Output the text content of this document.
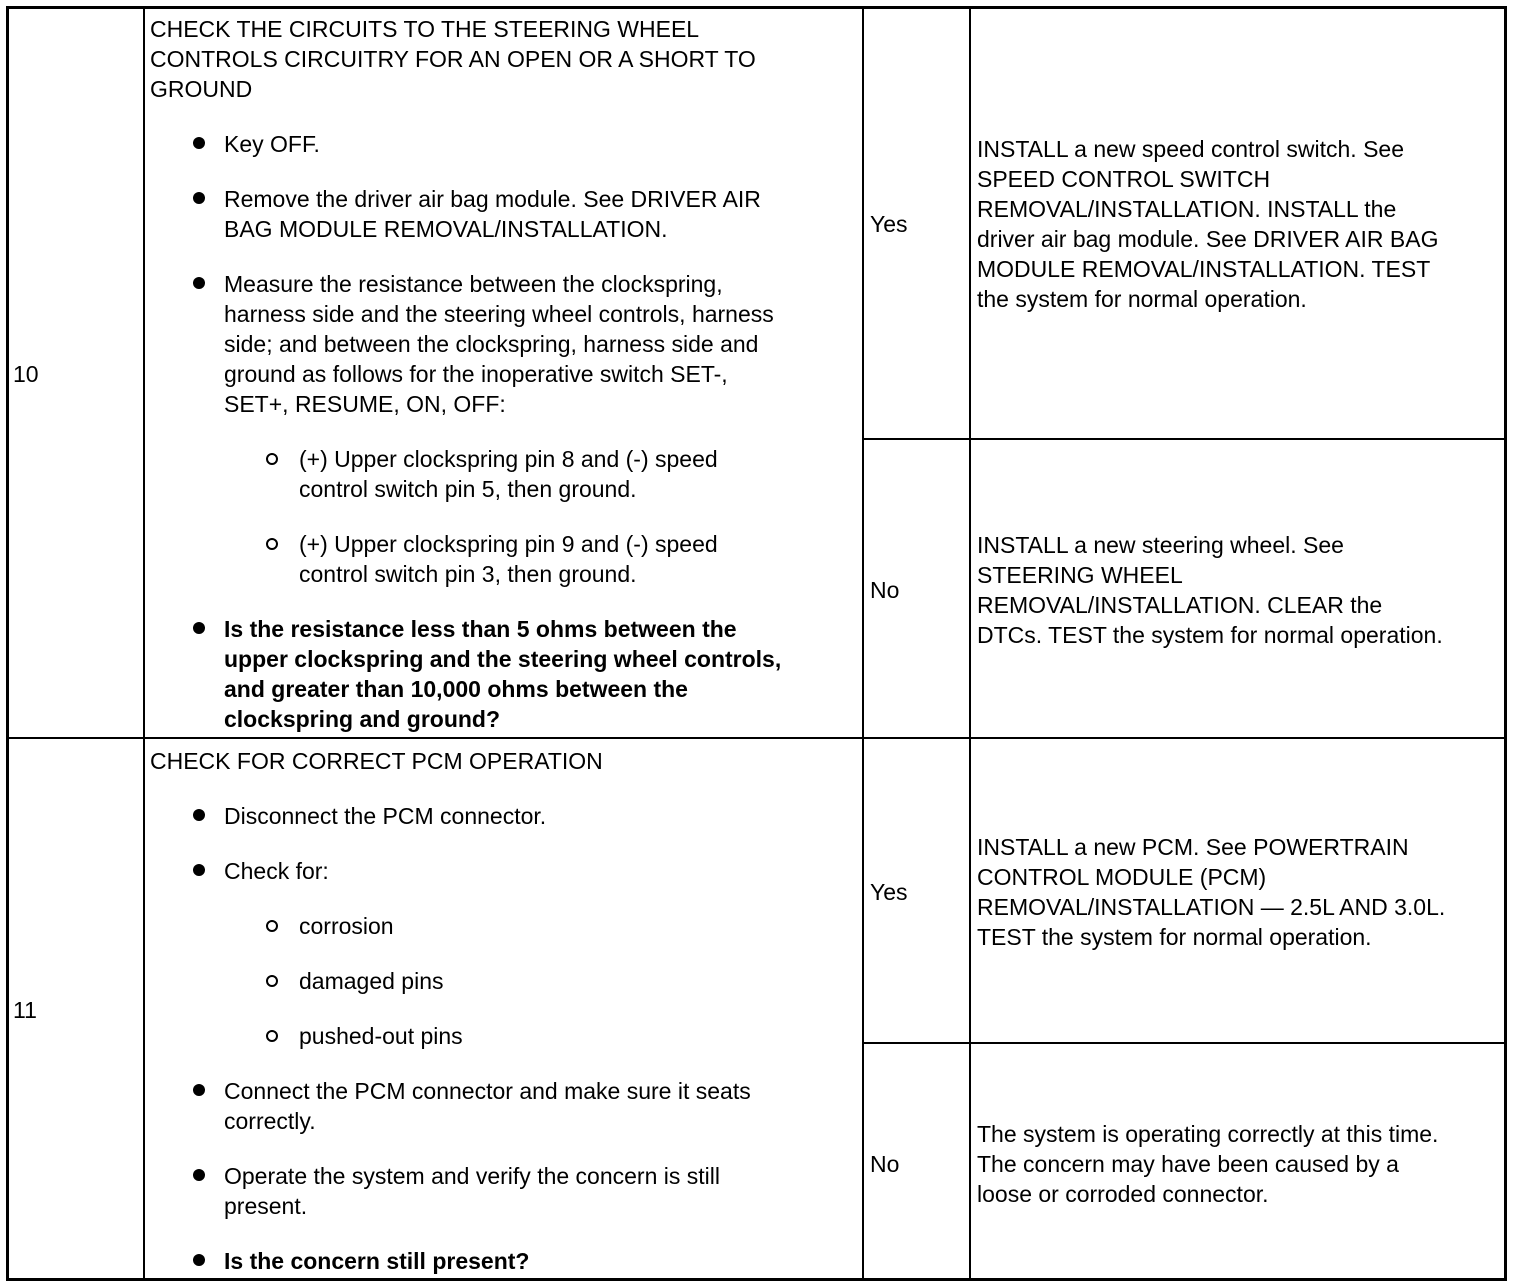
10
CHECK THE CIRCUITS TO THE STEERING WHEEL
CONTROLS CIRCUITRY FOR AN OPEN OR A SHORT TO
GROUND
Key OFF.
Remove the driver air bag module. See DRIVER AIR
BAG MODULE REMOVAL/INSTALLATION.
Measure the resistance between the clockspring,
harness side and the steering wheel controls, harness
side; and between the clockspring, harness side and
ground as follows for the inoperative switch SET-,
SET+, RESUME, ON, OFF:
(+) Upper clockspring pin 8 and (-) speed
control switch pin 5, then ground.
(+) Upper clockspring pin 9 and (-) speed
control switch pin 3, then ground.
Is the resistance less than 5 ohms between the
upper clockspring and the steering wheel controls,
and greater than 10,000 ohms between the
clockspring and ground?
Yes
INSTALL a new speed control switch. See
SPEED CONTROL SWITCH
REMOVAL/INSTALLATION. INSTALL the
driver air bag module. See DRIVER AIR BAG
MODULE REMOVAL/INSTALLATION. TEST
the system for normal operation.
No
INSTALL a new steering wheel. See
STEERING WHEEL
REMOVAL/INSTALLATION. CLEAR the
DTCs. TEST the system for normal operation.
11
CHECK FOR CORRECT PCM OPERATION
Disconnect the PCM connector.
Check for:
corrosion
damaged pins
pushed-out pins
Connect the PCM connector and make sure it seats
correctly.
Operate the system and verify the concern is still
present.
Is the concern still present?
Yes
INSTALL a new PCM. See POWERTRAIN
CONTROL MODULE (PCM)
REMOVAL/INSTALLATION — 2.5L AND 3.0L.
TEST the system for normal operation.
No
The system is operating correctly at this time.
The concern may have been caused by a
loose or corroded connector.
